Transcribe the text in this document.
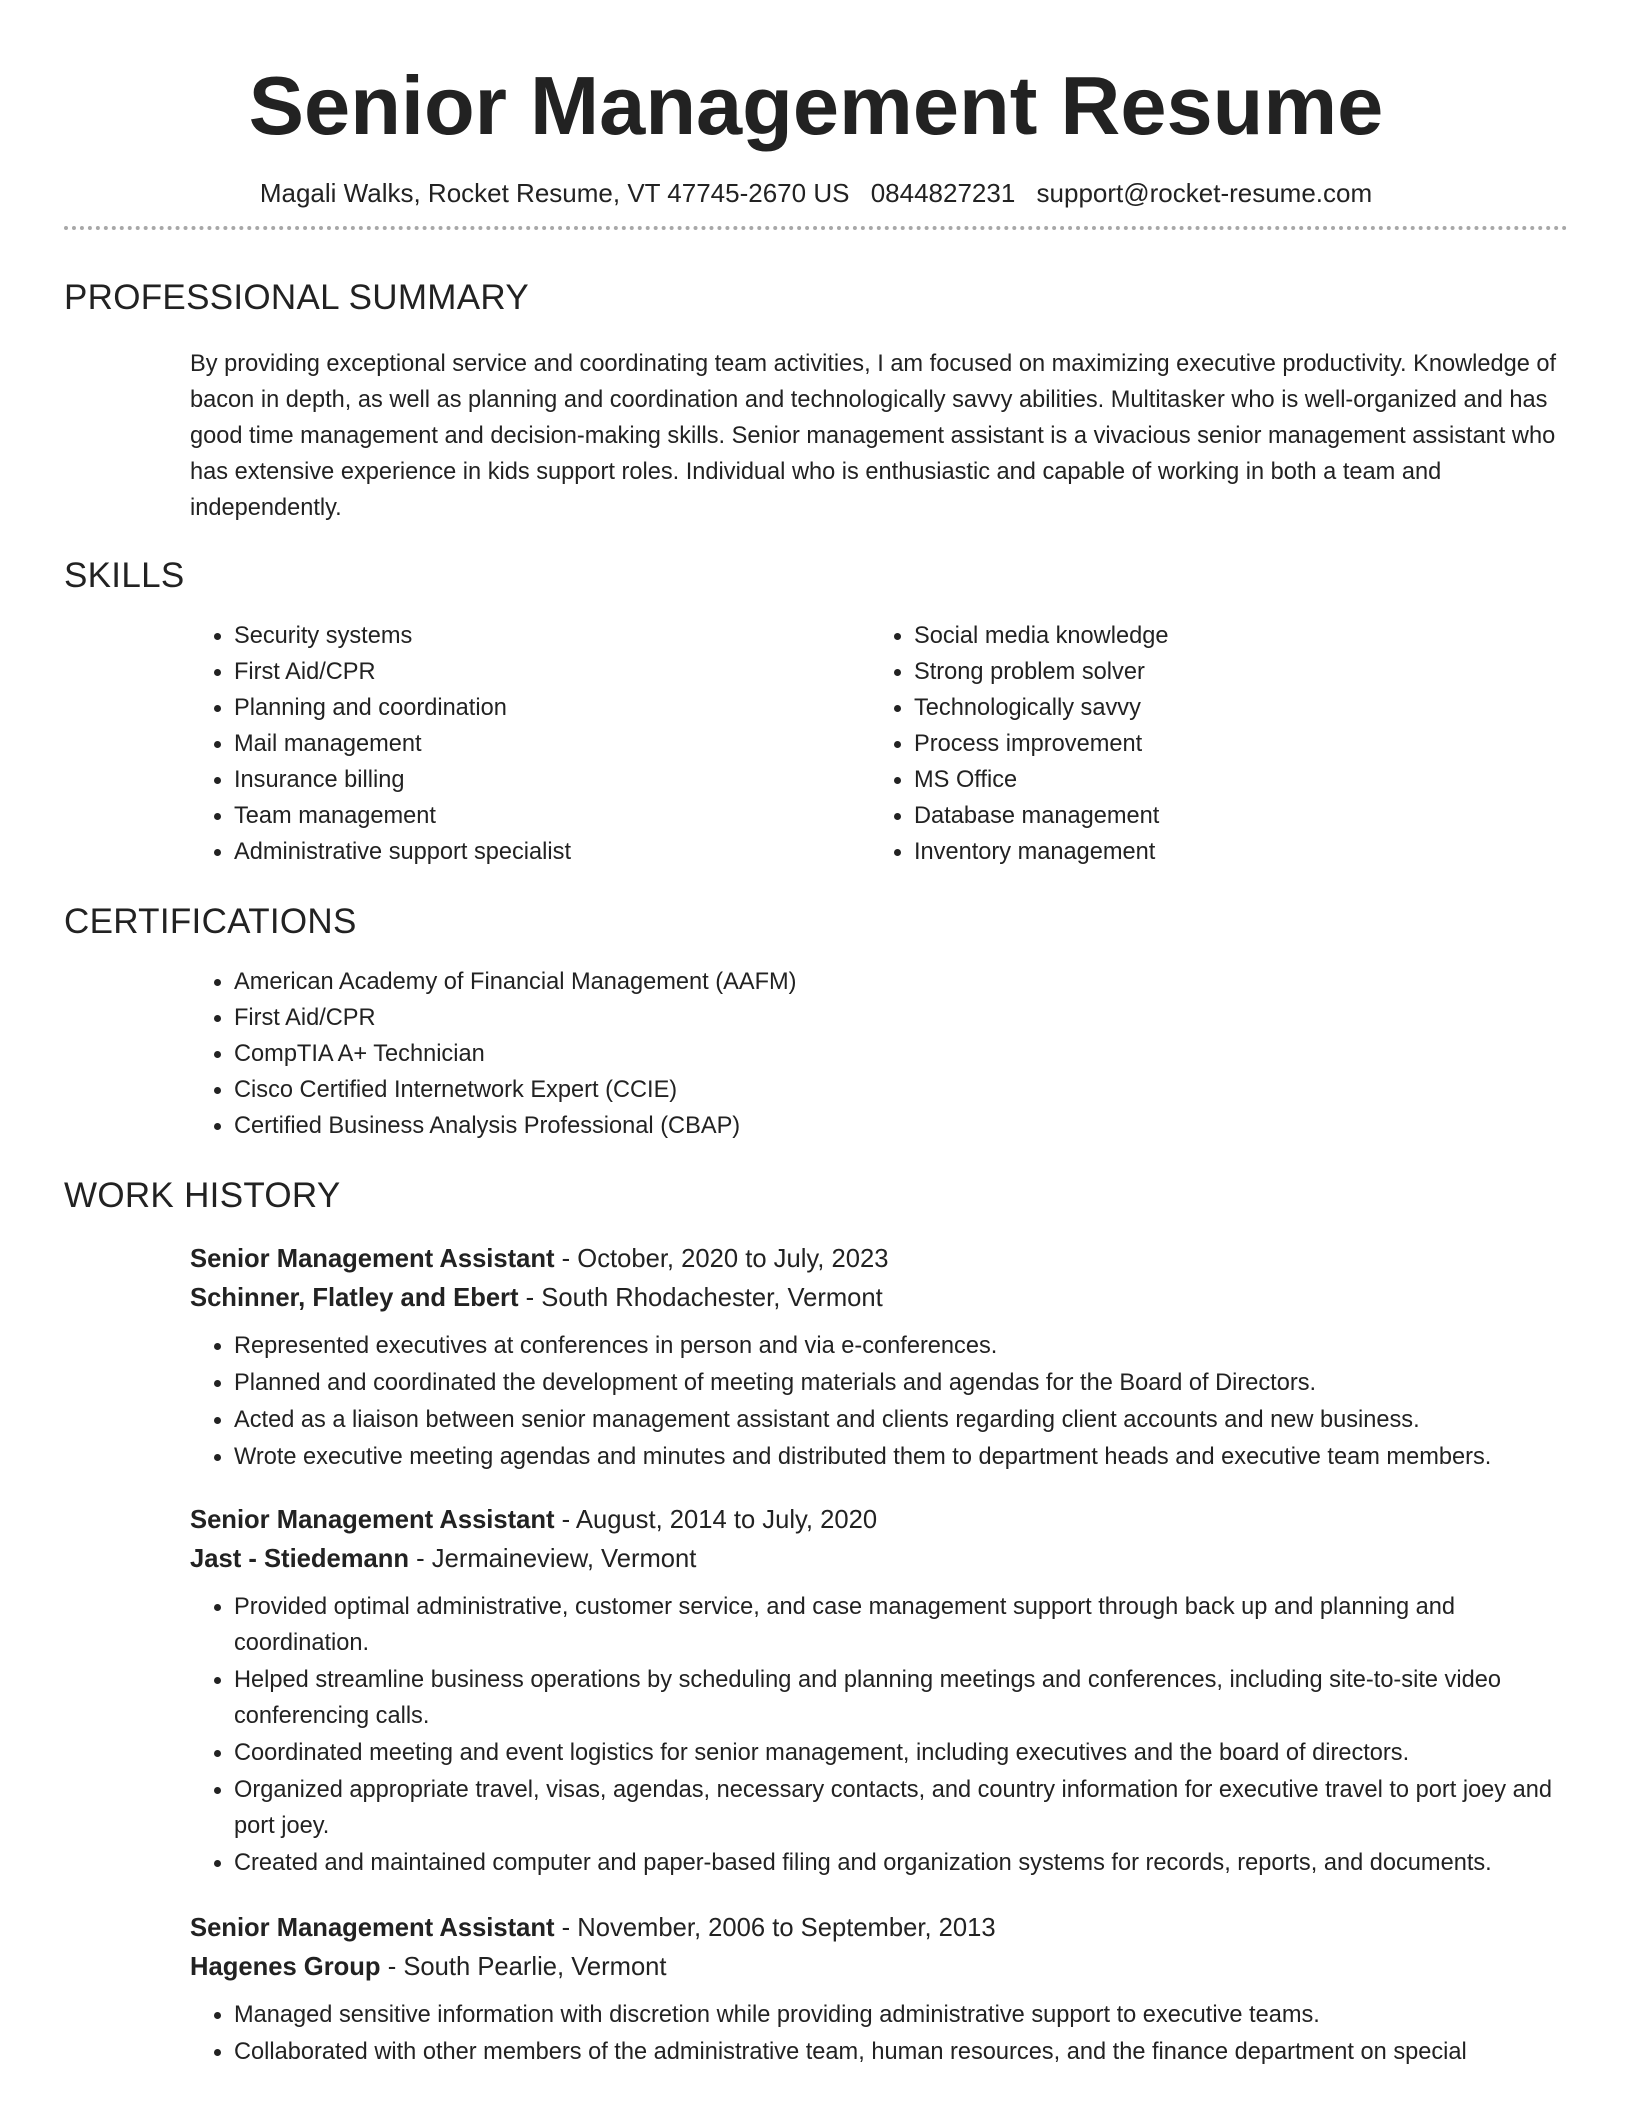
Senior Management Resume
Magali Walks, Rocket Resume, VT 47745-2670 US 0844827231 support@rocket-resume.com
PROFESSIONAL SUMMARY

By providing exceptional service and coordinating team activities, I am focused on maximizing executive productivity. Knowledge of bacon in depth, as well as planning and coordination and technologically savvy abilities. Multitasker who is well-organized and has good time management and decision-making skills. Senior management assistant is a vivacious senior management assistant who has extensive experience in kids support roles. Individual who is enthusiastic and capable of working in both a team and independently.

SKILLS
• Security systems
• First Aid/CPR
• Planning and coordination
• Mail management
• Insurance billing
• Team management
• Administrative support specialist
• Social media knowledge
• Strong problem solver
• Technologically savvy
• Process improvement
• MS Office
• Database management
• Inventory management
CERTIFICATIONS
• American Academy of Financial Management (AAFM)
• First Aid/CPR
• CompTIA A+ Technician
• Cisco Certified Internetwork Expert (CCIE)
• Certified Business Analysis Professional (CBAP)
WORK HISTORY
Senior Management Assistant - October, 2020 to July, 2023
Schinner, Flatley and Ebert - South Rhodachester, Vermont
• Represented executives at conferences in person and via e-conferences.
• Planned and coordinated the development of meeting materials and agendas for the Board of Directors.
• Acted as a liaison between senior management assistant and clients regarding client accounts and new business.
• Wrote executive meeting agendas and minutes and distributed them to department heads and executive team members.
Senior Management Assistant - August, 2014 to July, 2020
Jast - Stiedemann - Jermaineview, Vermont
• Provided optimal administrative, customer service, and case management support through back up and planning and coordination.
• Helped streamline business operations by scheduling and planning meetings and conferences, including site-to-site video conferencing calls.
• Coordinated meeting and event logistics for senior management, including executives and the board of directors.
• Organized appropriate travel, visas, agendas, necessary contacts, and country information for executive travel to port joey and port joey.
• Created and maintained computer and paper-based filing and organization systems for records, reports, and documents.
Senior Management Assistant - November, 2006 to September, 2013
Hagenes Group - South Pearlie, Vermont
• Managed sensitive information with discretion while providing administrative support to executive teams.
• Collaborated with other members of the administrative team, human resources, and the finance department on special
